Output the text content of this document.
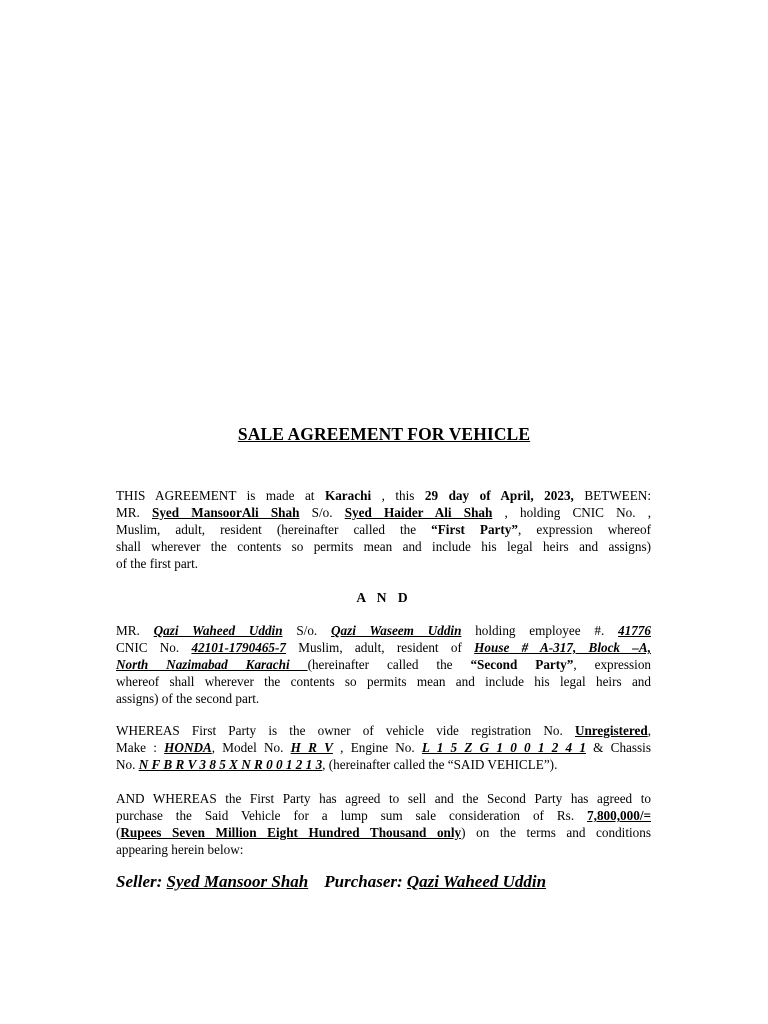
SALE AGREEMENT FOR VEHICLE
THIS AGREEMENT is made at Karachi , this 29 day of April, 2023, BETWEEN:
MR. Syed MansoorAli Shah S/o. Syed Haider Ali Shah , holding CNIC No. ,
Muslim, adult, resident (hereinafter called the “First Party”, expression whereof
shall wherever the contents so permits mean and include his legal heirs and assigns)
of the first part.
A N D
MR. Qazi Waheed Uddin S/o. Qazi Waseem Uddin holding employee #. 41776
CNIC No. 42101-1790465-7 Muslim, adult, resident of House # A-317, Block –A,
North Nazimabad Karachi (hereinafter called the “Second Party”, expression
whereof shall wherever the contents so permits mean and include his legal heirs and
assigns) of the second part.
WHEREAS First Party is the owner of vehicle vide registration No. Unregistered,
Make : HONDA, Model No. H R V , Engine No. L 1 5 Z G 1 0 0 1 2 4 1 & Chassis
No. N F B R V 3 8 5 X N R 0 0 1 2 1 3, (hereinafter called the “SAID VEHICLE”).
AND WHEREAS the First Party has agreed to sell and the Second Party has agreed to
purchase the Said Vehicle for a lump sum sale consideration of Rs. 7,800,000/=
(Rupees Seven Million Eight Hundred Thousand only) on the terms and conditions
appearing herein below:
Seller: Syed Mansoor Shah Purchaser: Qazi Waheed Uddin
